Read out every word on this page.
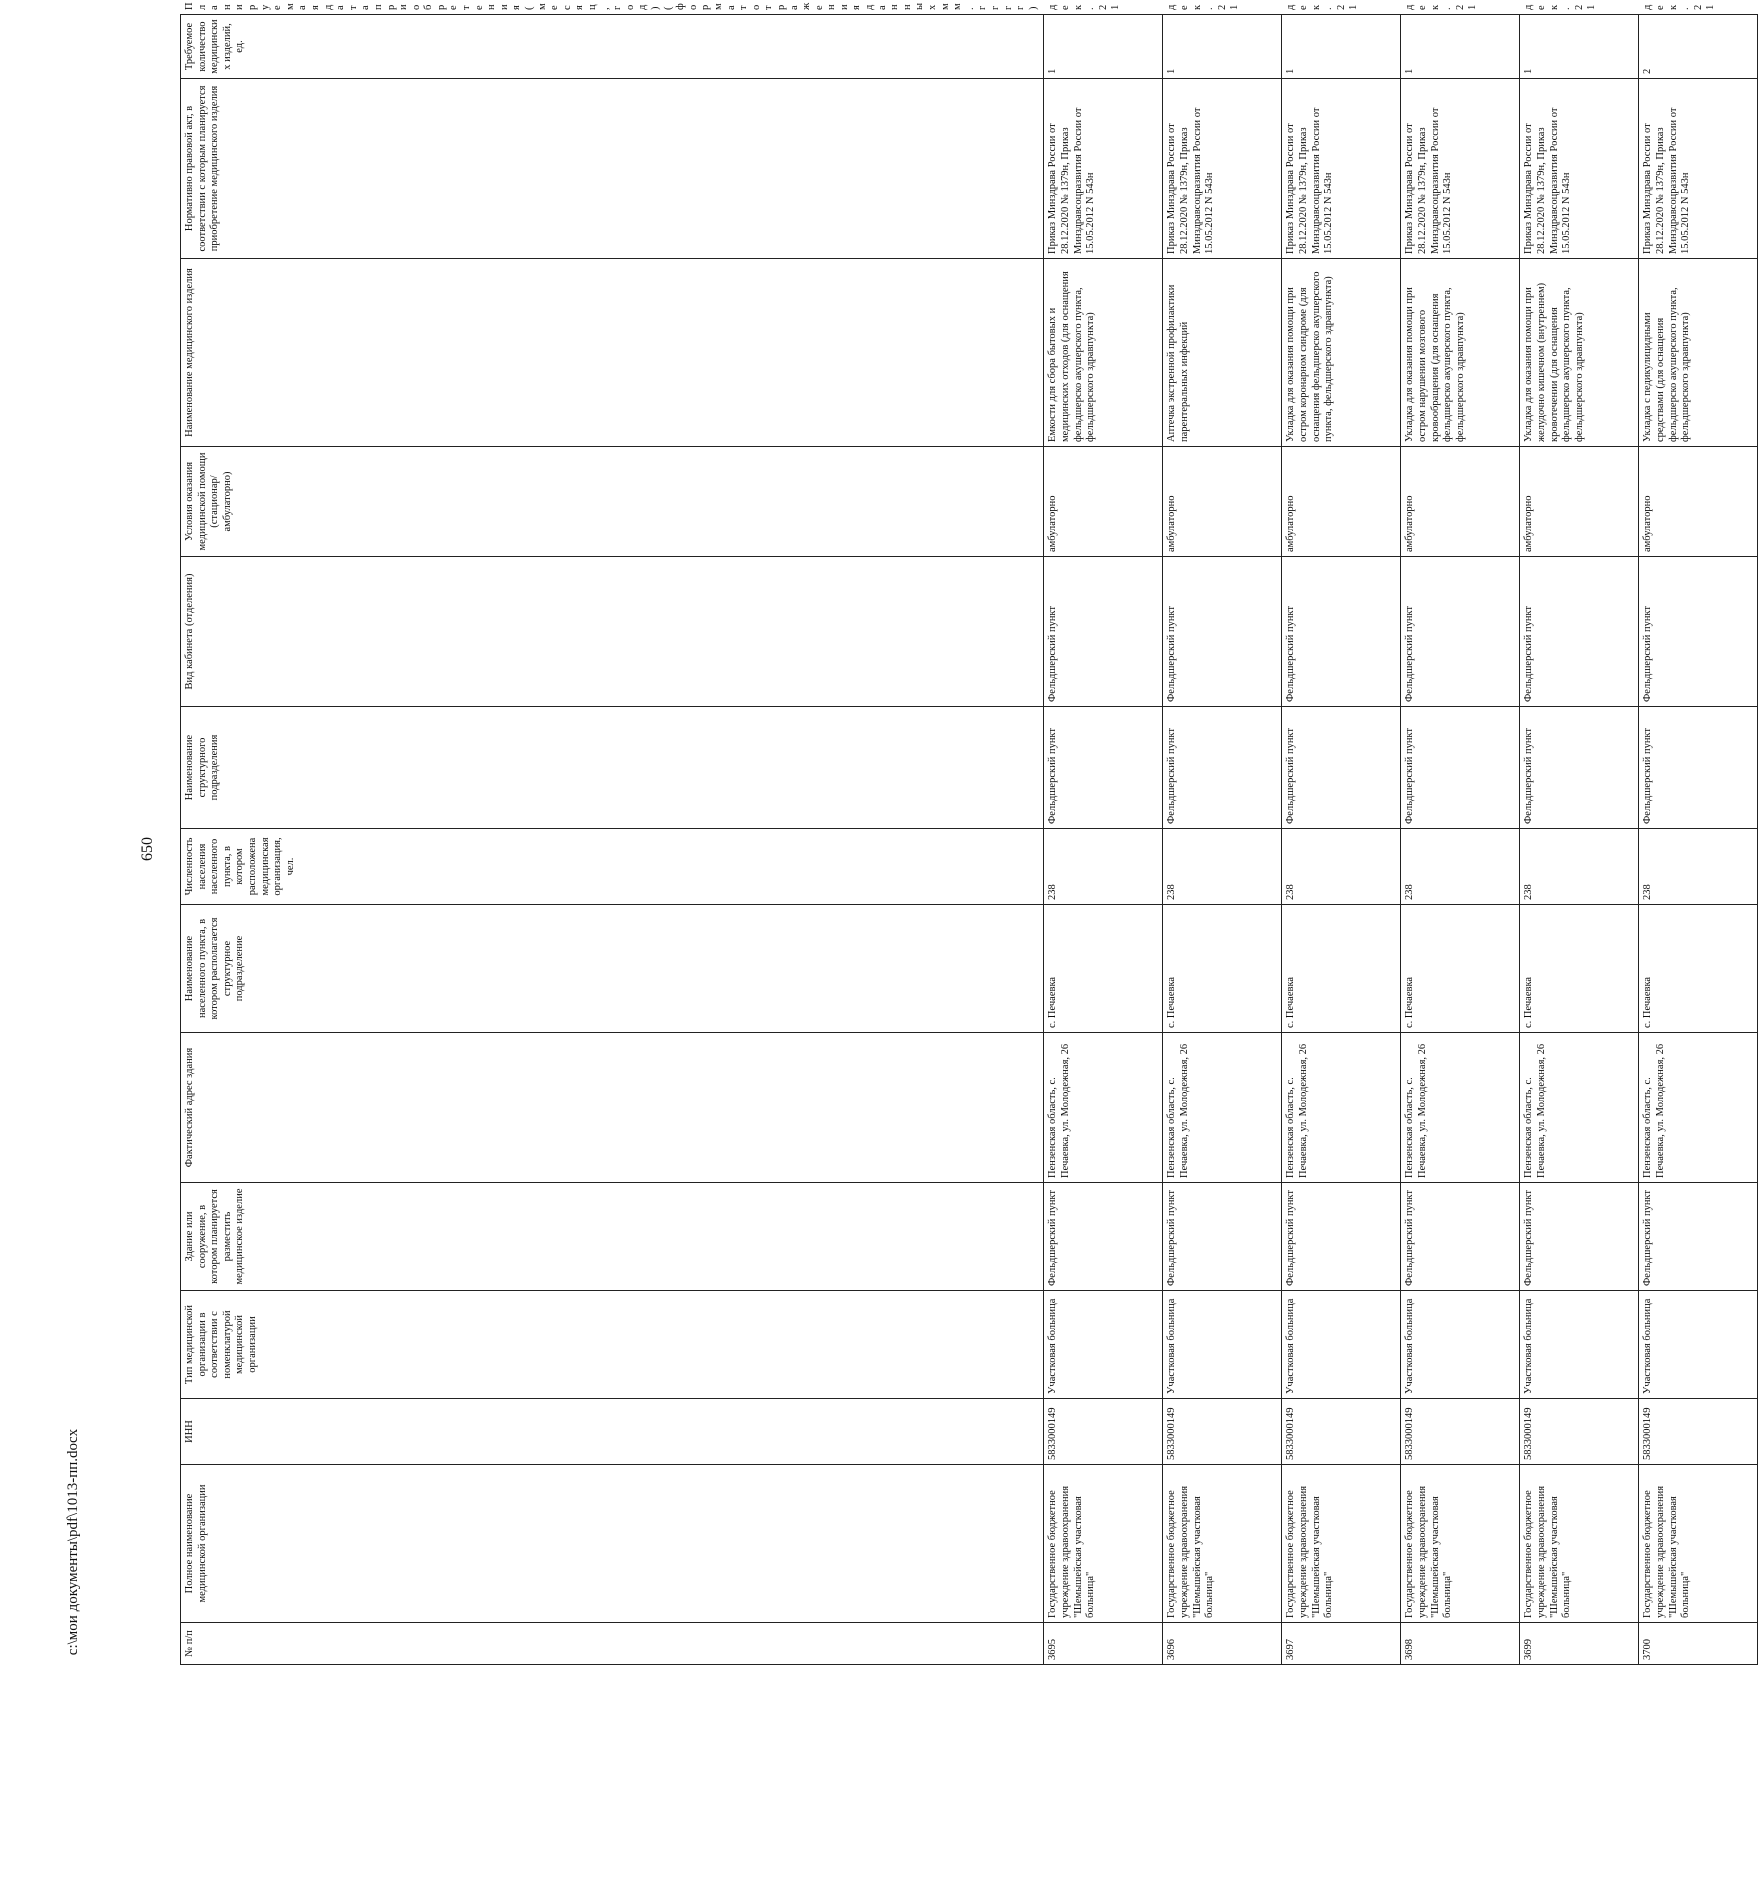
650
c:\мои документы\pdf\1013-пп.docx	№ п/п	Полное наименование медицинской организации	ИНН	Тип медицинской организации в соответствии с номенклатурой медицинской организации	Здание или сооружение, в котором планируется разместить медицинское изделие	Фактический адрес здания	Наименование населенного пункта, в котором располагается структурное подразделение	Численность населения населенного пункта, в котором расположена медицинская организация, чел.	Наименование структурного подразделения	Вид кабинета (отделения)	Условия оказания медицинской помощи (стационар/амбулаторно)	Наименование медицинского изделия	Нормативно правовой акт, в соответствии с которым планируется приобретение медицинского изделия	Требуемое количество медицинских изделий, ед.	Планируемая дата приобретения (месяц, год) (формат отражения данных мм. гггг)
3695	Государственное бюджетное учреждение здравоохранения "Шемышейская участковая больница"	5833000149	Участковая больница	Фельдшерский пункт	Пензенская область, с. Печаевка, ул. Молодежная, 26	с. Печаевка	238	Фельдшерский пункт	Фельдшерский пункт	амбулаторно	Емкости для сбора бытовых и медицинских отходов (для оснащения фельдшерско акушерского пункта, фельдшерского здравпункта)	Приказ Минздрава России от 28.12.2020 № 1379н, Приказ Минздравсоцразвития России от 15.05.2012 N 543н	1	дек.21
3696	Государственное бюджетное учреждение здравоохранения "Шемышейская участковая больница"	5833000149	Участковая больница	Фельдшерский пункт	Пензенская область, с. Печаевка, ул. Молодежная, 26	с. Печаевка	238	Фельдшерский пункт	Фельдшерский пункт	амбулаторно	Аптечка экстренной профилактики парентеральных инфекций	Приказ Минздрава России от 28.12.2020 № 1379н, Приказ Минздравсоцразвития России от 15.05.2012 N 543н	1	дек.21
3697	Государственное бюджетное учреждение здравоохранения "Шемышейская участковая больница"	5833000149	Участковая больница	Фельдшерский пункт	Пензенская область, с. Печаевка, ул. Молодежная, 26	с. Печаевка	238	Фельдшерский пункт	Фельдшерский пункт	амбулаторно	Укладка для оказания помощи при остром коронарном синдроме (для оснащения фельдшерско акушерского пункта, фельдшерского здравпункта)	Приказ Минздрава России от 28.12.2020 № 1379н, Приказ Минздравсоцразвития России от 15.05.2012 N 543н	1	дек.21
3698	Государственное бюджетное учреждение здравоохранения "Шемышейская участковая больница"	5833000149	Участковая больница	Фельдшерский пункт	Пензенская область, с. Печаевка, ул. Молодежная, 26	с. Печаевка	238	Фельдшерский пункт	Фельдшерский пункт	амбулаторно	Укладка для оказания помощи при остром нарушении мозгового кровообращения (для оснащения фельдшерско акушерского пункта, фельдшерского здравпункта)	Приказ Минздрава России от 28.12.2020 № 1379н, Приказ Минздравсоцразвития России от 15.05.2012 N 543н	1	дек.21
3699	Государственное бюджетное учреждение здравоохранения "Шемышейская участковая больница"	5833000149	Участковая больница	Фельдшерский пункт	Пензенская область, с. Печаевка, ул. Молодежная, 26	с. Печаевка	238	Фельдшерский пункт	Фельдшерский пункт	амбулаторно	Укладка для оказания помощи при желудочно кишечном (внутреннем) кровотечении (для оснащения фельдшерско акушерского пункта, фельдшерского здравпункта)	Приказ Минздрава России от 28.12.2020 № 1379н, Приказ Минздравсоцразвития России от 15.05.2012 N 543н	1	дек.21
3700	Государственное бюджетное учреждение здравоохранения "Шемышейская участковая больница"	5833000149	Участковая больница	Фельдшерский пункт	Пензенская область, с. Печаевка, ул. Молодежная, 26	с. Печаевка	238	Фельдшерский пункт	Фельдшерский пункт	амбулаторно	Укладка с педикулицидными средствами (для оснащения фельдшерско акушерского пункта, фельдшерского здравпункта)	Приказ Минздрава России от 28.12.2020 № 1379н, Приказ Минздравсоцразвития России от 15.05.2012 N 543н	2	дек.21
